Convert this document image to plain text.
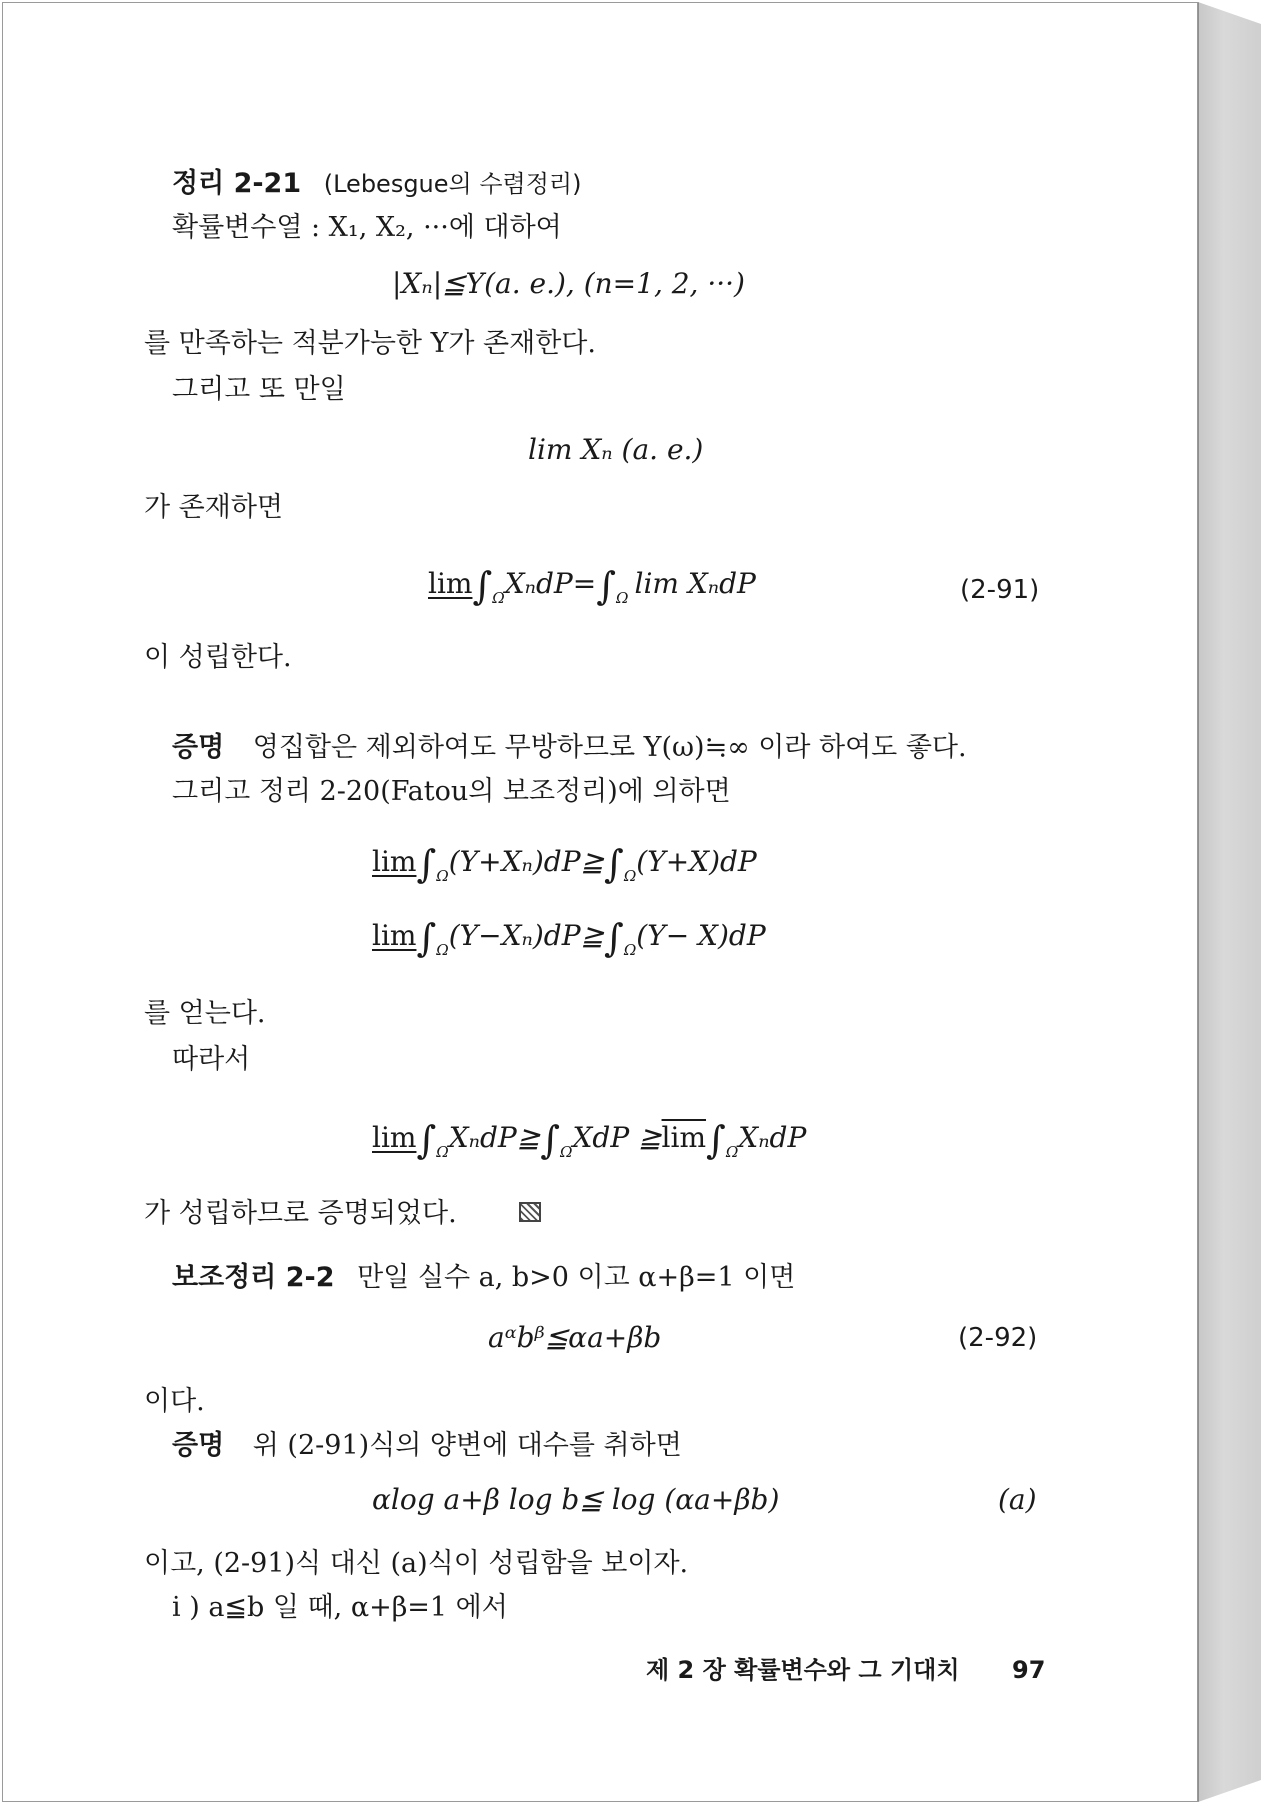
정리 2-21 (Lebesgue의 수렴정리)
확률변수열 : X₁, X₂, ···에 대하여
|Xₙ|≦Y(a. e.), (n=1, 2, ···)
를 만족하는 적분가능한 Y가 존재한다.
그리고 또 만일
lim Xₙ (a. e.)
가 존재하면
$\lim\int_\Omega X_ndP=\int_\Omega$ lim XₙdP	(2-91)
이 성립한다.
증명 영집합은 제외하여도 무방하므로 Y(ω)≒∞ 이라 하여도 좋다.
그리고 정리 2-20(Fatou의 보조정리)에 의하면
$\lim\int_\Omega(Y+X_n)dP≧\int_\Omega(Y+X)dP$
$\lim\int_\Omega(Y-X_n)dP≧\int_\Omega(Y- X)dP$
를 얻는다.
따라서
$\lim\int_\Omega X_ndP≧\int_\Omega XdP$ $≧\overline{lim}\int_\Omega X_ndP$
가 성립하므로 증명되었다.
보조정리 2-2 만일 실수 a, b>0 이고 α+β=1 이면
aᵅbᵝ≦αa+βb	(2-92)
이다.
증명 위 (2-91)식의 양변에 대수를 취하면
αlog a+β log b≦ log (αa+βb)	(a)
이고, (2-91)식 대신 (a)식이 성립함을 보이자.
i ) a≦b 일 때, α+β=1 에서
제 2 장 확률변수와 그 기대치 97
